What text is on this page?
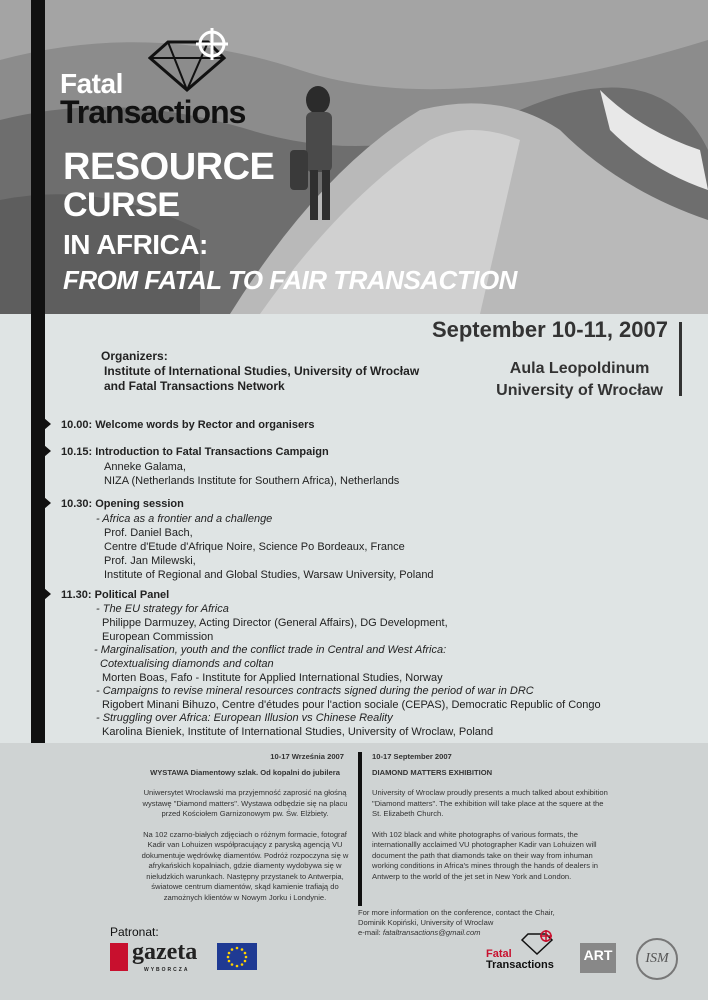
Fatal
Transactions
RESOURCE
CURSE
IN AFRICA:
FROM FATAL TO FAIR TRANSACTION
September 10-11, 2007
Aula Leopoldinum
University of Wrocław
Organizers:
Institute of International Studies, University of Wrocław
and Fatal Transactions Network
10.00: Welcome words by Rector and organisers
10.15: Introduction to Fatal Transactions Campaign
Anneke Galama,
NIZA (Netherlands Institute for Southern Africa), Netherlands
10.30: Opening session
- Africa as a frontier and a challenge
Prof. Daniel Bach,
Centre d'Etude d'Afrique Noire, Science Po Bordeaux, France
Prof. Jan Milewski,
Institute of Regional and Global Studies, Warsaw University, Poland
11.30: Political Panel
- The EU strategy for Africa
Philippe Darmuzey, Acting Director (General Affairs), DG Development,
European Commission
- Marginalisation, youth and the conflict trade in Central and West Africa:
Cotextualising diamonds and coltan
Morten Boas, Fafo - Institute for Applied International Studies, Norway
- Campaigns to revise mineral resources contracts signed during the period of war in DRC
Rigobert Minani Bihuzo, Centre d'études pour l'action sociale (CEPAS), Democratic Republic of Congo
- Struggling over Africa: European Illusion vs Chinese Reality
Karolina Bieniek, Institute of International Studies, University of Wroclaw, Poland
10-17 Września 2007
WYSTAWA Diamentowy szlak. Od kopalni do jubilera
Uniwersytet Wrocławski ma przyjemność zaprosić na głośną
wystawę "Diamond matters". Wystawa odbędzie się na placu
przed Kościołem Garnizonowym pw. Św. Elżbiety.
Na 102 czarno-białych zdjęciach o różnym formacie, fotograf
Kadir van Lohuizen współpracujący z paryską agencją VU
dokumentuje wędrówkę diamentów. Podróż rozpoczyna się w
afrykańskich kopalniach, gdzie diamenty wydobywa się w
nieludzkich warunkach. Następny przystanek to Antwerpia,
światowe centrum diamentów, skąd kamienie trafiają do
zamożnych klientów w Nowym Jorku i Londynie.
10-17 September 2007
DIAMOND MATTERS EXHIBITION
University of Wroclaw proudly presents a much talked about exhibition
"Diamond matters". The exhibition will take place at the squere at the
St. Elizabeth Church.
With 102 black and white photographs of various formats, the
internationallly acclaimed VU photographer Kadir van Lohuizen will
document the path that diamonds take on their way from inhuman
working conditions in Africa's mines through the hands of dealers in
Antwerp to the world of the jet set in New York and London.
For more information on the conference, contact the Chair,
Dominik Kopiński, University of Wroclaw
e-mail: fataltransactions@gmail.com
Patronat:
gazeta
WYBORCZA
Fatal
Transactions
ART	ISM
